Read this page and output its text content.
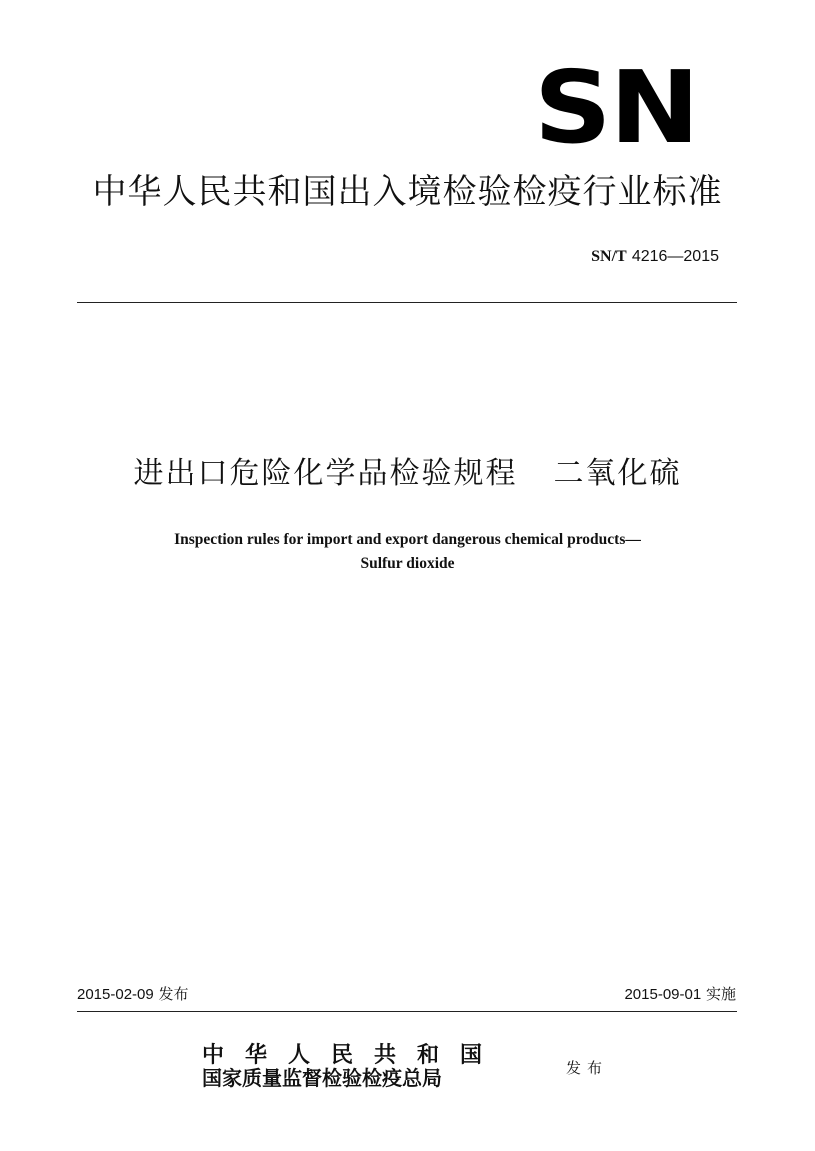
SN
中华人民共和国出入境检验检疫行业标准
SN/T 4216—2015
进出口危险化学品检验规程 二氧化硫
Inspection rules for import and export dangerous chemical products—
Sulfur dioxide
2015-02-09 发布	2015-09-01 实施
中华人民共和国
国家质量监督检验检疫总局	发布
